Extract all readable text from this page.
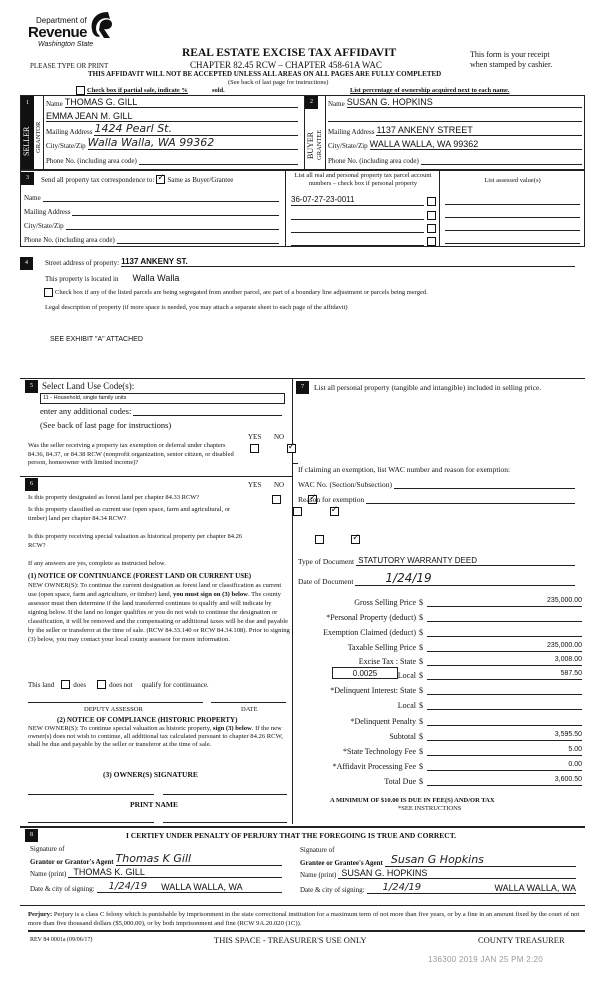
Department of
Revenue
Washington State
PLEASE TYPE OR PRINT
REAL ESTATE EXCISE TAX AFFIDAVIT
CHAPTER 82.45 RCW – CHAPTER 458-61A WAC
This form is your receipt
when stamped by cashier.
THIS AFFIDAVIT WILL NOT BE ACCEPTED UNLESS ALL AREAS ON ALL PAGES ARE FULLY COMPLETED
(See back of last page for instructions)
Check box if partial sale, indicate %	sold.	List percentage of ownership acquired next to each name.
1
SELLER GRANTOR
Name THOMAS G. GILL
EMMA JEAN M. GILL
Mailing Address 1424 Pearl St.
City/State/Zip Walla Walla, WA 99362
Phone No. (including area code)
2
BUYER GRANTEE
Name SUSAN G. HOPKINS
Mailing Address 1137 ANKENY STREET
City/State/Zip WALLA WALLA, WA 99362
Phone No. (including area code)
3	Send all property tax correspondence to: ✓ Same as Buyer/Grantee
Name
Mailing Address
City/State/Zip
Phone No. (including area code)
List all real and personal property tax parcel account numbers – check box if personal property	List assessed value(s)
36-07-27-23-0011
4	Street address of property: 1137 ANKENY ST.
This property is located in Walla Walla
Check box if any of the listed parcels are being segregated from another parcel, are part of a boundary line adjustment or parcels being merged.
Legal description of property (if more space is needed, you may attach a separate sheet to each page of the affidavit)
SEE EXHIBIT "A" ATTACHED
5	Select Land Use Code(s):
11 - Household, single family units
enter any additional codes:
(See back of last page for instructions)
YES NO
Was the seller receiving a property tax exemption or deferral under chapters 84.36, 84.37, or 84.38 RCW (nonprofit organization, senior citizen, or disabled person, homeowner with limited income)?
✓
6	YES NO
Is this property designated as forest land per chapter 84.33 RCW?
✓
Is this property classified as current use (open space, farm and agricultural, or timber) land per chapter 84.34 RCW?
✓
Is this property receiving special valuation as historical property per chapter 84.26 RCW?
✓
If any answers are yes, complete as instructed below.
(1) NOTICE OF CONTINUANCE (FOREST LAND OR CURRENT USE)
NEW OWNER(S): To continue the current designation as forest land or classification as current use (open space, farm and agriculture, or timber) land, you must sign on (3) below. The county assessor must then determine if the land transferred continues to qualify and will indicate by signing below. If the land no longer qualifies or you do not wish to continue the designation or classification, it will be removed and the compensating or additional taxes will be due and payable by the seller or transferor at the time of sale. (RCW 84.33.140 or RCW 84.34.108). Prior to signing (3) below, you may contact your local county assessor for more information.
This land	does	does not qualify for continuance.
DEPUTY ASSESSOR	DATE
(2) NOTICE OF COMPLIANCE (HISTORIC PROPERTY)
NEW OWNER(S): To continue special valuation as historic property, sign (3) below. If the new owner(s) does not wish to continue, all additional tax calculated pursuant to chapter 84.26 RCW, shall be due and payable by the seller or transferor at the time of sale.
(3) OWNER(S) SIGNATURE
PRINT NAME
7	List all personal property (tangible and intangible) included in selling price.
If claiming an exemption, list WAC number and reason for exemption:
WAC No. (Section/Subsection)
Reason for exemption
Type of Document STATUTORY WARRANTY DEED
Date of Document	1/24/19
Gross Selling Price $	235,000.00
*Personal Property (deduct) $
Exemption Claimed (deduct) $
Taxable Selling Price $	235,000.00
Excise Tax : State $	3,008.00
0.0025	Local $	587.50
*Delinquent Interest: State $
Local $
*Delinquent Penalty $
Subtotal $	3,595.50
*State Technology Fee $	5.00
*Affidavit Processing Fee $	0.00
Total Due $	3,600.50
A MINIMUM OF $10.00 IS DUE IN FEE(S) AND/OR TAX
*SEE INSTRUCTIONS
8	I CERTIFY UNDER PENALTY OF PERJURY THAT THE FOREGOING IS TRUE AND CORRECT.
Signature of
Grantor or Grantor's Agent Thomas K Gill
Name (print) THOMAS K. GILL
Date & city of signing: 1/24/19 WALLA WALLA, WA
Signature of
Grantee or Grantee's Agent Susan G Hopkins
Name (print) SUSAN G. HOPKINS
Date & city of signing: 1/24/19	WALLA WALLA, WA
Perjury: Perjury is a class C felony which is punishable by imprisonment in the state correctional institution for a maximum term of not more than five years, or by a fine in an amount fixed by the court of not more than five thousand dollars ($5,000.00), or by both imprisonment and fine (RCW 9A.20.020 (1C)).
REV 84 0001a (09/06/17)	THIS SPACE - TREASURER'S USE ONLY	COUNTY TREASURER
136300 2019 JAN 25 PM 2:20
